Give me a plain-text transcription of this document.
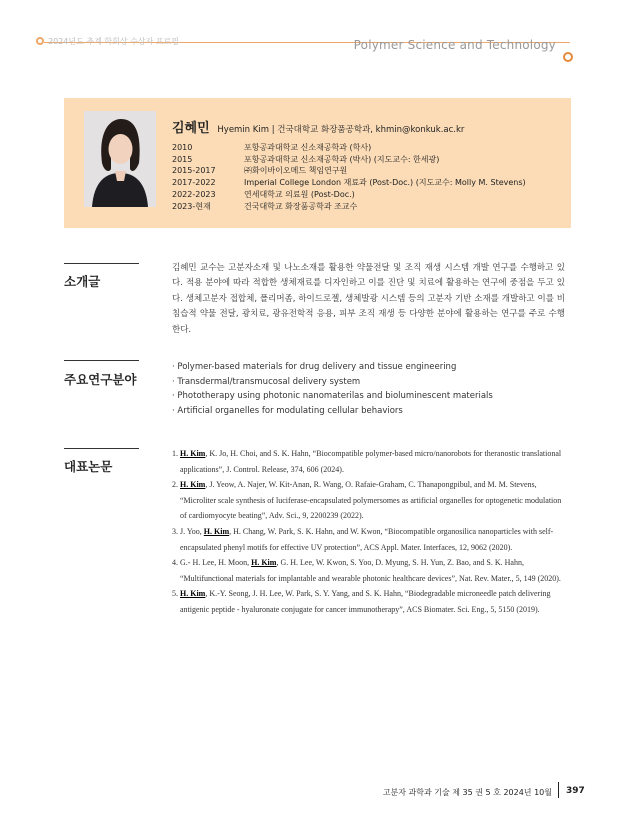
2024년도 추계 학회상 수상자 프로필	Polymer Science and Technology
김혜민 Hyemin Kim | 건국대학교 화장품공학과, khmin@konkuk.ac.kr
2010	포항공과대학교 신소재공학과 (학사)
2015	포항공과대학교 신소재공학과 (박사) (지도교수: 한세광)
2015-2017	㈜화이바이오메드 책임연구원
2017-2022	Imperial College London 재료과 (Post-Doc.) (지도교수: Molly M. Stevens)
2022-2023	연세대학교 의료원 (Post-Doc.)
2023-현재	건국대학교 화장품공학과 조교수
소개글
김혜민 교수는 고분자소재 및 나노소재를 활용한 약물전달 및 조직 재생 시스템 개발 연구를 수행하고 있다. 적용 분야에 따라 적합한 생체재료를 디자인하고 이를 진단 및 치료에 활용하는 연구에 중점을 두고 있다. 생체고분자 접합체, 폴리머좀, 하이드로젤, 생체발광 시스템 등의 고분자 기반 소재를 개발하고 이를 비침습적 약물 전달, 광치료, 광유전학적 응용, 피부 조직 재생 등 다양한 분야에 활용하는 연구를 주로 수행한다.
주요연구분야
· Polymer-based materials for drug delivery and tissue engineering
· Transdermal/transmucosal delivery system
· Phototherapy using photonic nanomaterilas and bioluminescent materials
· Artificial organelles for modulating cellular behaviors
대표논문
1. H. Kim, K. Jo, H. Choi, and S. K. Hahn, “Biocompatible polymer-based micro/nanorobots for theranostic translational applications”, J. Control. Release, 374, 606 (2024).
2. H. Kim, J. Yeow, A. Najer, W. Kit-Anan, R. Wang, O. Rafaie-Graham, C. Thanapongpibul, and M. M. Stevens, “Microliter scale synthesis of luciferase-encapsulated polymersomes as artificial organelles for optogenetic modulation of cardiomyocyte beating”, Adv. Sci., 9, 2200239 (2022).
3. J. Yoo, H. Kim, H. Chang, W. Park, S. K. Hahn, and W. Kwon, “Biocompatible organosilica nanoparticles with self-encapsulated phenyl motifs for effective UV protection”, ACS Appl. Mater. Interfaces, 12, 9062 (2020).
4. G.- H. Lee, H. Moon, H. Kim, G. H. Lee, W. Kwon, S. Yoo, D. Myung, S. H. Yun, Z. Bao, and S. K. Hahn, “Multifunctional materials for implantable and wearable photonic healthcare devices”, Nat. Rev. Mater., 5, 149 (2020).
5. H. Kim, K.-Y. Seong, J. H. Lee, W. Park, S. Y. Yang, and S. K. Hahn, “Biodegradable microneedle patch delivering antigenic peptide - hyaluronate conjugate for cancer immunotherapy”, ACS Biomater. Sci. Eng., 5, 5150 (2019).
고분자 과학과 기술 제 35 권 5 호 2024년 10월 397
